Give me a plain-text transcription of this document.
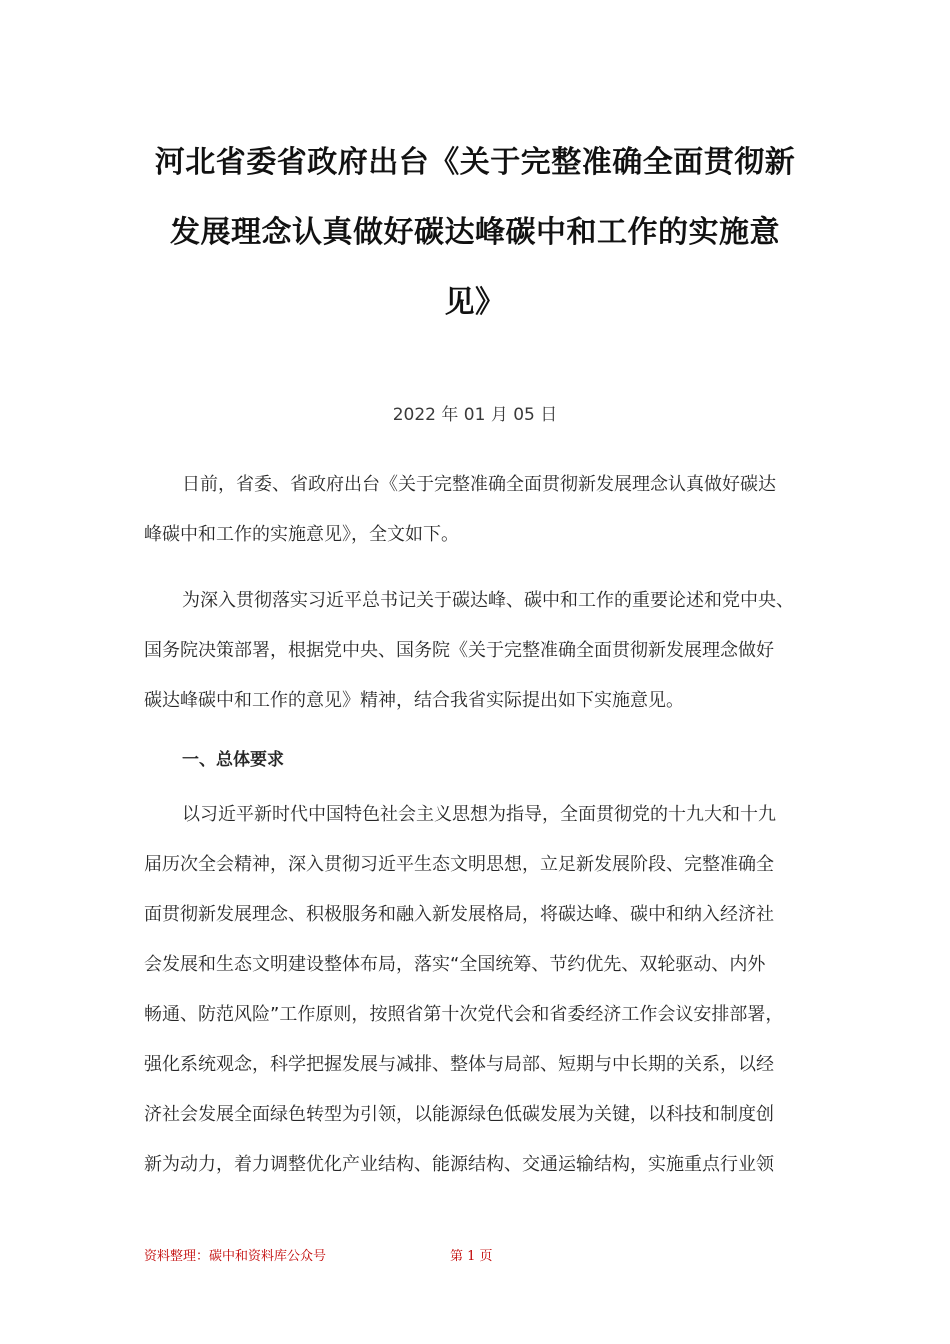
河北省委省政府出台《关于完整准确全面贯彻新
发展理念认真做好碳达峰碳中和工作的实施意
见》
2022 年 01 月 05 日
日前，省委、省政府出台《关于完整准确全面贯彻新发展理念认真做好碳达
峰碳中和工作的实施意见》，全文如下。
为深入贯彻落实习近平总书记关于碳达峰、碳中和工作的重要论述和党中央、
国务院决策部署，根据党中央、国务院《关于完整准确全面贯彻新发展理念做好
碳达峰碳中和工作的意见》精神，结合我省实际提出如下实施意见。
一、总体要求
以习近平新时代中国特色社会主义思想为指导，全面贯彻党的十九大和十九
届历次全会精神，深入贯彻习近平生态文明思想，立足新发展阶段、完整准确全
面贯彻新发展理念、积极服务和融入新发展格局，将碳达峰、碳中和纳入经济社
会发展和生态文明建设整体布局，落实“全国统筹、节约优先、双轮驱动、内外
畅通、防范风险”工作原则，按照省第十次党代会和省委经济工作会议安排部署，
强化系统观念，科学把握发展与减排、整体与局部、短期与中长期的关系，以经
济社会发展全面绿色转型为引领，以能源绿色低碳发展为关键，以科技和制度创
新为动力，着力调整优化产业结构、能源结构、交通运输结构，实施重点行业领
资料整理：碳中和资料库公众号	第 1 页
